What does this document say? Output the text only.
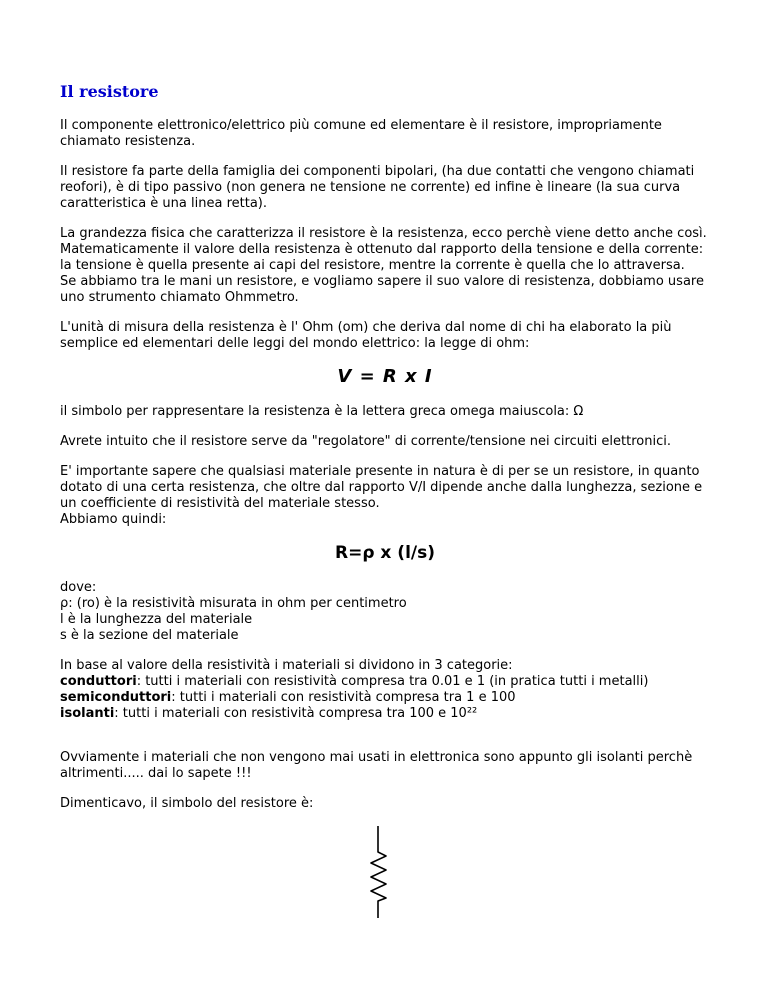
Il resistore

Il componente elettronico/elettrico più comune ed elementare è il resistore, impropriamente chiamato resistenza.

Il resistore fa parte della famiglia dei componenti bipolari, (ha due contatti che vengono chiamati reofori), è di tipo passivo (non genera ne tensione ne corrente) ed infine è lineare (la sua curva caratteristica è una linea retta).

La grandezza fisica che caratterizza il resistore è la resistenza, ecco perchè viene detto anche così.
Matematicamente il valore della resistenza è ottenuto dal rapporto della tensione e della corrente: la tensione è quella presente ai capi del resistore, mentre la corrente è quella che lo attraversa.
Se abbiamo tra le mani un resistore, e vogliamo sapere il suo valore di resistenza, dobbiamo usare uno strumento chiamato Ohmmetro.

L'unità di misura della resistenza è l' Ohm (om) che deriva dal nome di chi ha elaborato la più semplice ed elementari delle leggi del mondo elettrico: la legge di ohm:

V = R x I

il simbolo per rappresentare la resistenza è la lettera greca omega maiuscola: Ω

Avrete intuito che il resistore serve da "regolatore" di corrente/tensione nei circuiti elettronici.

E' importante sapere che qualsiasi materiale presente in natura è di per se un resistore, in quanto dotato di una certa resistenza, che oltre dal rapporto V/I dipende anche dalla lunghezza, sezione e un coefficiente di resistività del materiale stesso.
Abbiamo quindi:

R=ρ x (l/s)

dove:
ρ: (ro) è la resistività misurata in ohm per centimetro
l è la lunghezza del materiale
s è la sezione del materiale

In base al valore della resistività i materiali si dividono in 3 categorie:
conduttori: tutti i materiali con resistività compresa tra 0.01 e 1 (in pratica tutti i metalli)
semiconduttori: tutti i materiali con resistività compresa tra 1 e 100
isolanti: tutti i materiali con resistività compresa tra 100 e 10²²

Ovviamente i materiali che non vengono mai usati in elettronica sono appunto gli isolanti perchè altrimenti..... dai lo sapete !!!

Dimenticavo, il simbolo del resistore è:
